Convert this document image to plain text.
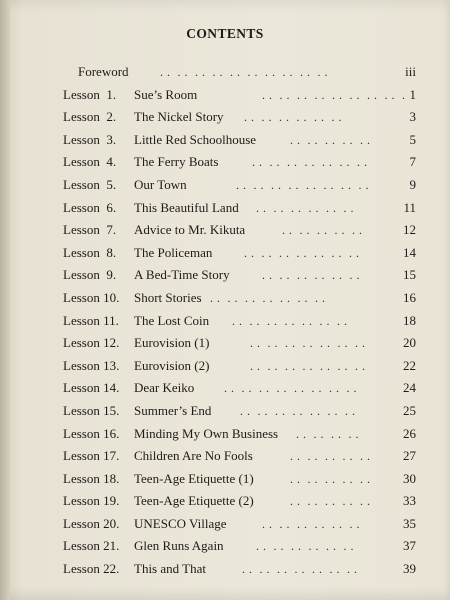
CONTENTS
Foreword	. .  . .  . .  . .  . .  . .  . .  . .  . .  . .	iii
Lesson  1. Sue’s Room	. .  . .  . .  . .  . .  . .  . .  . .  . 1
Lesson  2. The Nickel Story . .  . .  . .  . .  . .  . .	3
Lesson  3. Little Red Schoolhouse	. .  . .  . .  . .  . .	5
Lesson  4. The Ferry Boats	. .  . .  . .  . .  . .  . .  . .	7
Lesson  5. Our Town	. .  . .  . .  . .  . .  . .  . .  . .	9
Lesson  6. This Beautiful Land . .  . .  . .  . .  . .  . .	11
Lesson  7. Advice to Mr. Kikuta	. .  . .  . .  . .  . .	12
Lesson  8. The Policeman	. .  . .  . .  . .  . .  . .  . .	14
Lesson  9. A Bed-Time Story	. .  . .  . .  . .  . .  . .	15
Lesson 10. Short Stories . .  . .  . .  . .  . .  . .  . .	16
Lesson 11. The Lost Coin . .  . .  . .  . .  . .  . .  . .	18
Lesson 12. Eurovision (1)	. .  . .  . .  . .  . .  . .  . .	20
Lesson 13. Eurovision (2)	. .  . .  . .  . .  . .  . .  . .	22
Lesson 14. Dear Keiko . .  . .  . .  . .  . .  . .  . .  . .	24
Lesson 15. Summer’s End . .  . .  . .  . .  . .  . .  . .	25
Lesson 16. Minding My Own Business . .  . .  . .  . .	26
Lesson 17. Children Are No Fools	. .  . .  . .  . .  . .	27
Lesson 18. Teen-Age Etiquette (1)	. .  . .  . .  . .  . .	30
Lesson 19. Teen-Age Etiquette (2)	. .  . .  . .  . .  . .	33
Lesson 20. UNESCO Village	. .  . .  . .  . .  . .  . .	35
Lesson 21. Glen Runs Again	. .  . .  . .  . .  . .  . .	37
Lesson 22. This and That	. .  . .  . .  . .  . .  . .  . .	39
